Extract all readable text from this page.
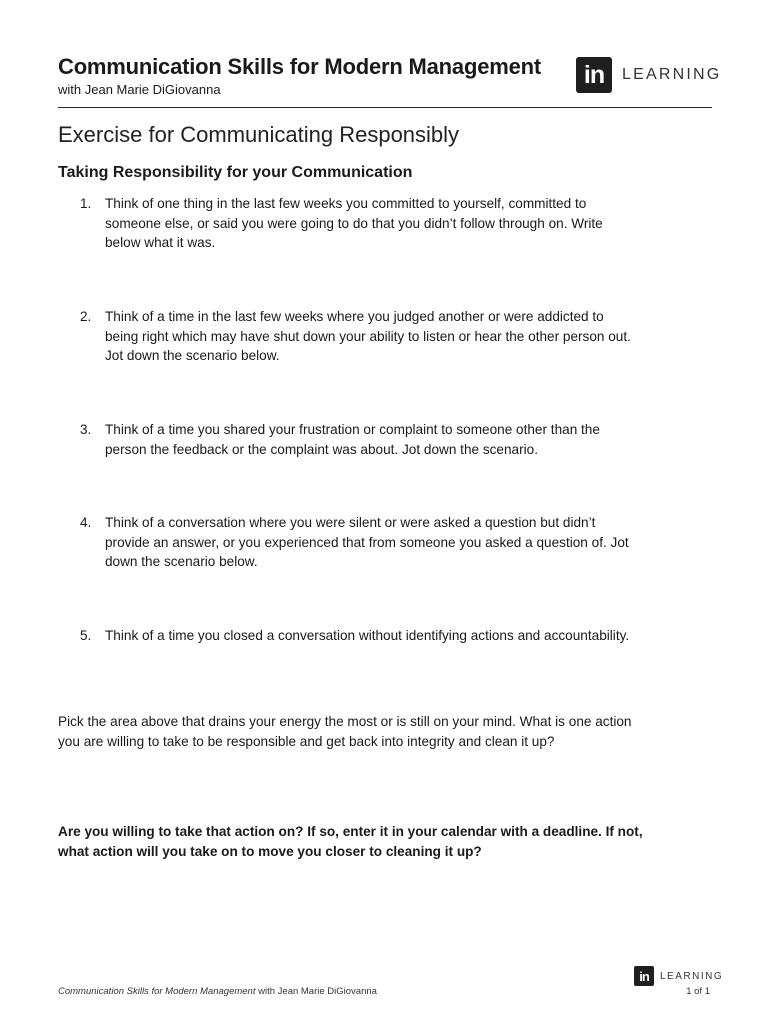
Communication Skills for Modern Management
with Jean Marie DiGiovanna
in	LEARNING
Exercise for Communicating Responsibly
Taking Responsibility for your Communication
1.	Think of one thing in the last few weeks you committed to yourself, committed to someone else, or said you were going to do that you didn’t follow through on. Write below what it was.
2.	Think of a time in the last few weeks where you judged another or were addicted to being right which may have shut down your ability to listen or hear the other person out. Jot down the scenario below.
3.	Think of a time you shared your frustration or complaint to someone other than the person the feedback or the complaint was about. Jot down the scenario.
4.	Think of a conversation where you were silent or were asked a question but didn’t provide an answer, or you experienced that from someone you asked a question of. Jot down the scenario below.
5.	Think of a time you closed a conversation without identifying actions and accountability.
Pick the area above that drains your energy the most or is still on your mind. What is one action you are willing to take to be responsible and get back into integrity and clean it up?
Are you willing to take that action on? If so, enter it in your calendar with a deadline. If not, what action will you take on to move you closer to cleaning it up?
in	LEARNING
Communication Skills for Modern Management with Jean Marie DiGiovanna	1 of 1
